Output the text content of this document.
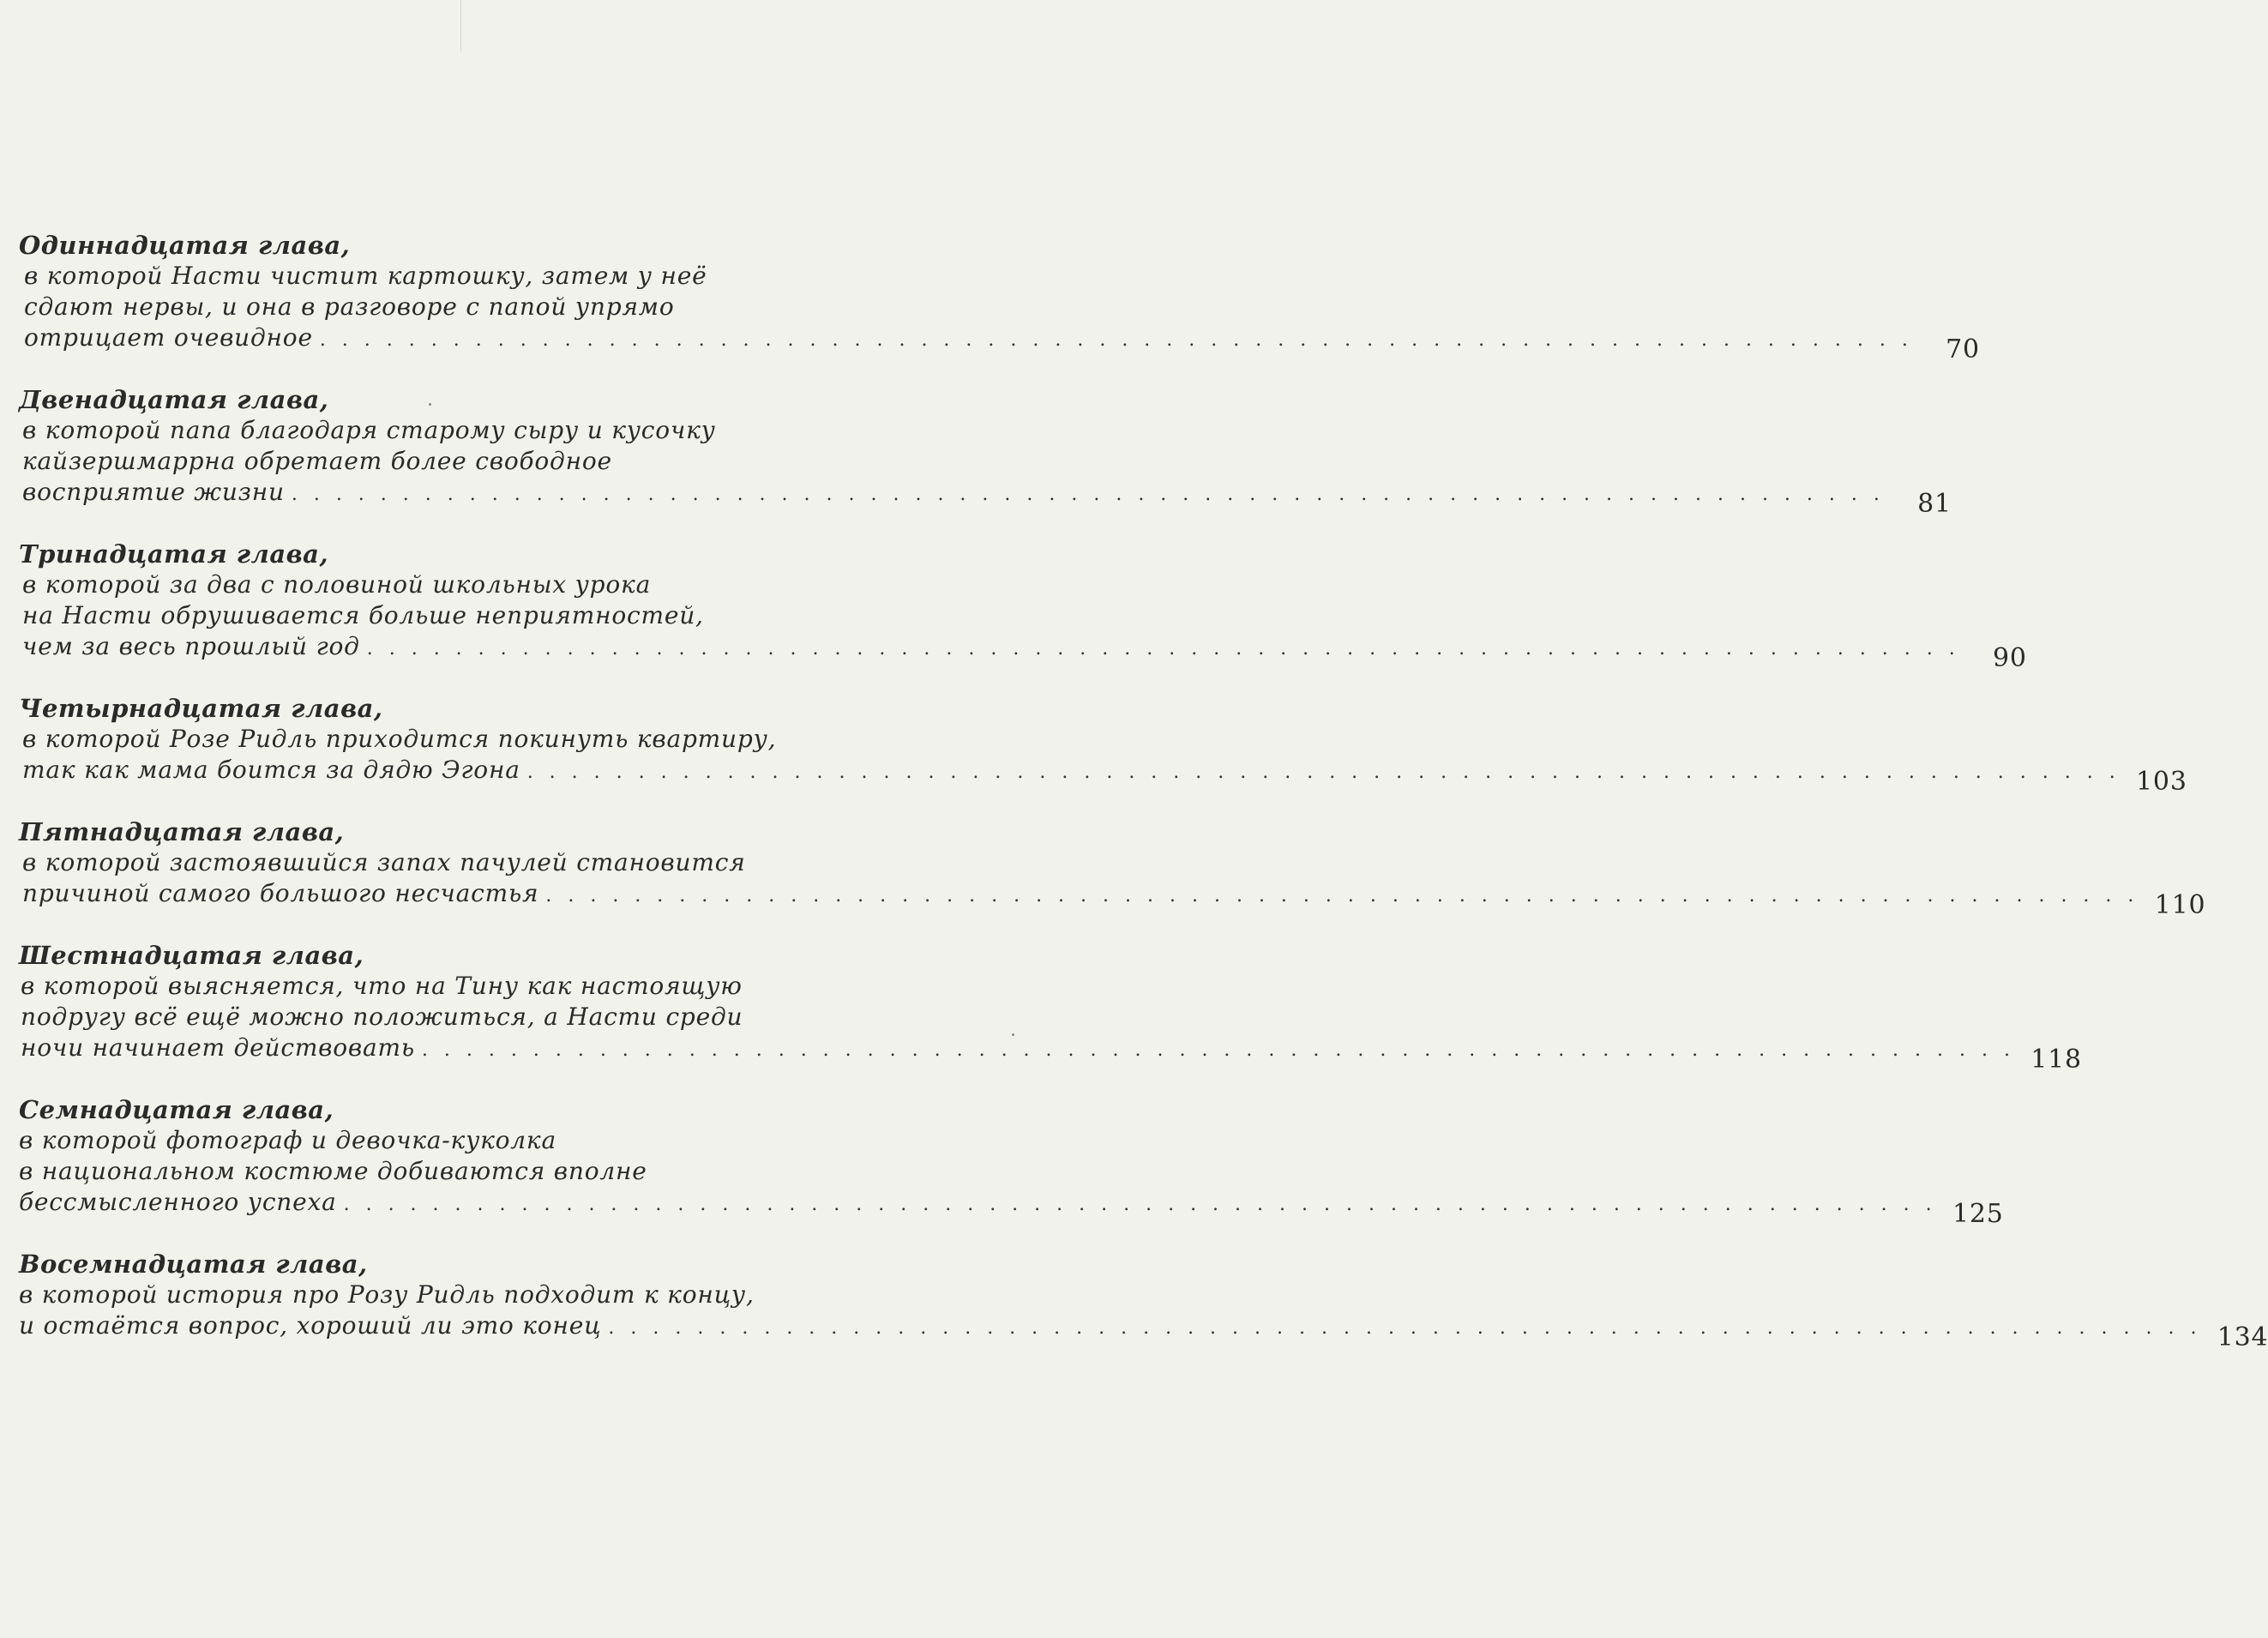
Одиннадцатая глава,
в которой Насти чистит картошку, затем у неё
сдают нервы, и она в разговоре с папой упрямо
отрицает очевидное . . . . . . . . . . . . . . . . . . . . . . . . . . . . . . . . . . . . . . . . . . . . . . . . . . . . . . . . . . . . . . . . . . . . . . . .	70
Двенадцатая глава,
в которой папа благодаря старому сыру и кусочку
кайзершмаррна обретает более свободное
восприятие жизни . . . . . . . . . . . . . . . . . . . . . . . . . . . . . . . . . . . . . . . . . . . . . . . . . . . . . . . . . . . . . . . . . . . . . . . .	81
Тринадцатая глава,
в которой за два с половиной школьных урока
на Насти обрушивается больше неприятностей,
чем за весь прошлый год . . . . . . . . . . . . . . . . . . . . . . . . . . . . . . . . . . . . . . . . . . . . . . . . . . . . . . . . . . . . . . . . . . . . . . . .	90
Четырнадцатая глава,
в которой Розе Ридль приходится покинуть квартиру,
так как мама боится за дядю Эгона . . . . . . . . . . . . . . . . . . . . . . . . . . . . . . . . . . . . . . . . . . . . . . . . . . . . . . . . . . . . . . . . . . . . . . . . 103
Пятнадцатая глава,
в которой застоявшийся запах пачулей становится
причиной самого большого несчастья . . . . . . . . . . . . . . . . . . . . . . . . . . . . . . . . . . . . . . . . . . . . . . . . . . . . . . . . . . . . . . . . . . . . . . . . 110
Шестнадцатая глава,
в которой выясняется, что на Тину как настоящую
подругу всё ещё можно положиться, а Насти среди
ночи начинает действовать . . . . . . . . . . . . . . . . . . . . . . . . . . . . . . . . . . . . . . . . . . . . . . . . . . . . . . . . . . . . . . . . . . . . . . . . 118
Семнадцатая глава,
в которой фотограф и девочка-куколка
в национальном костюме добиваются вполне
бессмысленного успеха . . . . . . . . . . . . . . . . . . . . . . . . . . . . . . . . . . . . . . . . . . . . . . . . . . . . . . . . . . . . . . . . . . . . . . . . 125
Восемнадцатая глава,
в которой история про Розу Ридль подходит к концу,
и остаётся вопрос, хороший ли это конец . . . . . . . . . . . . . . . . . . . . . . . . . . . . . . . . . . . . . . . . . . . . . . . . . . . . . . . . . . . . . . . . . . . . . . . . 134
